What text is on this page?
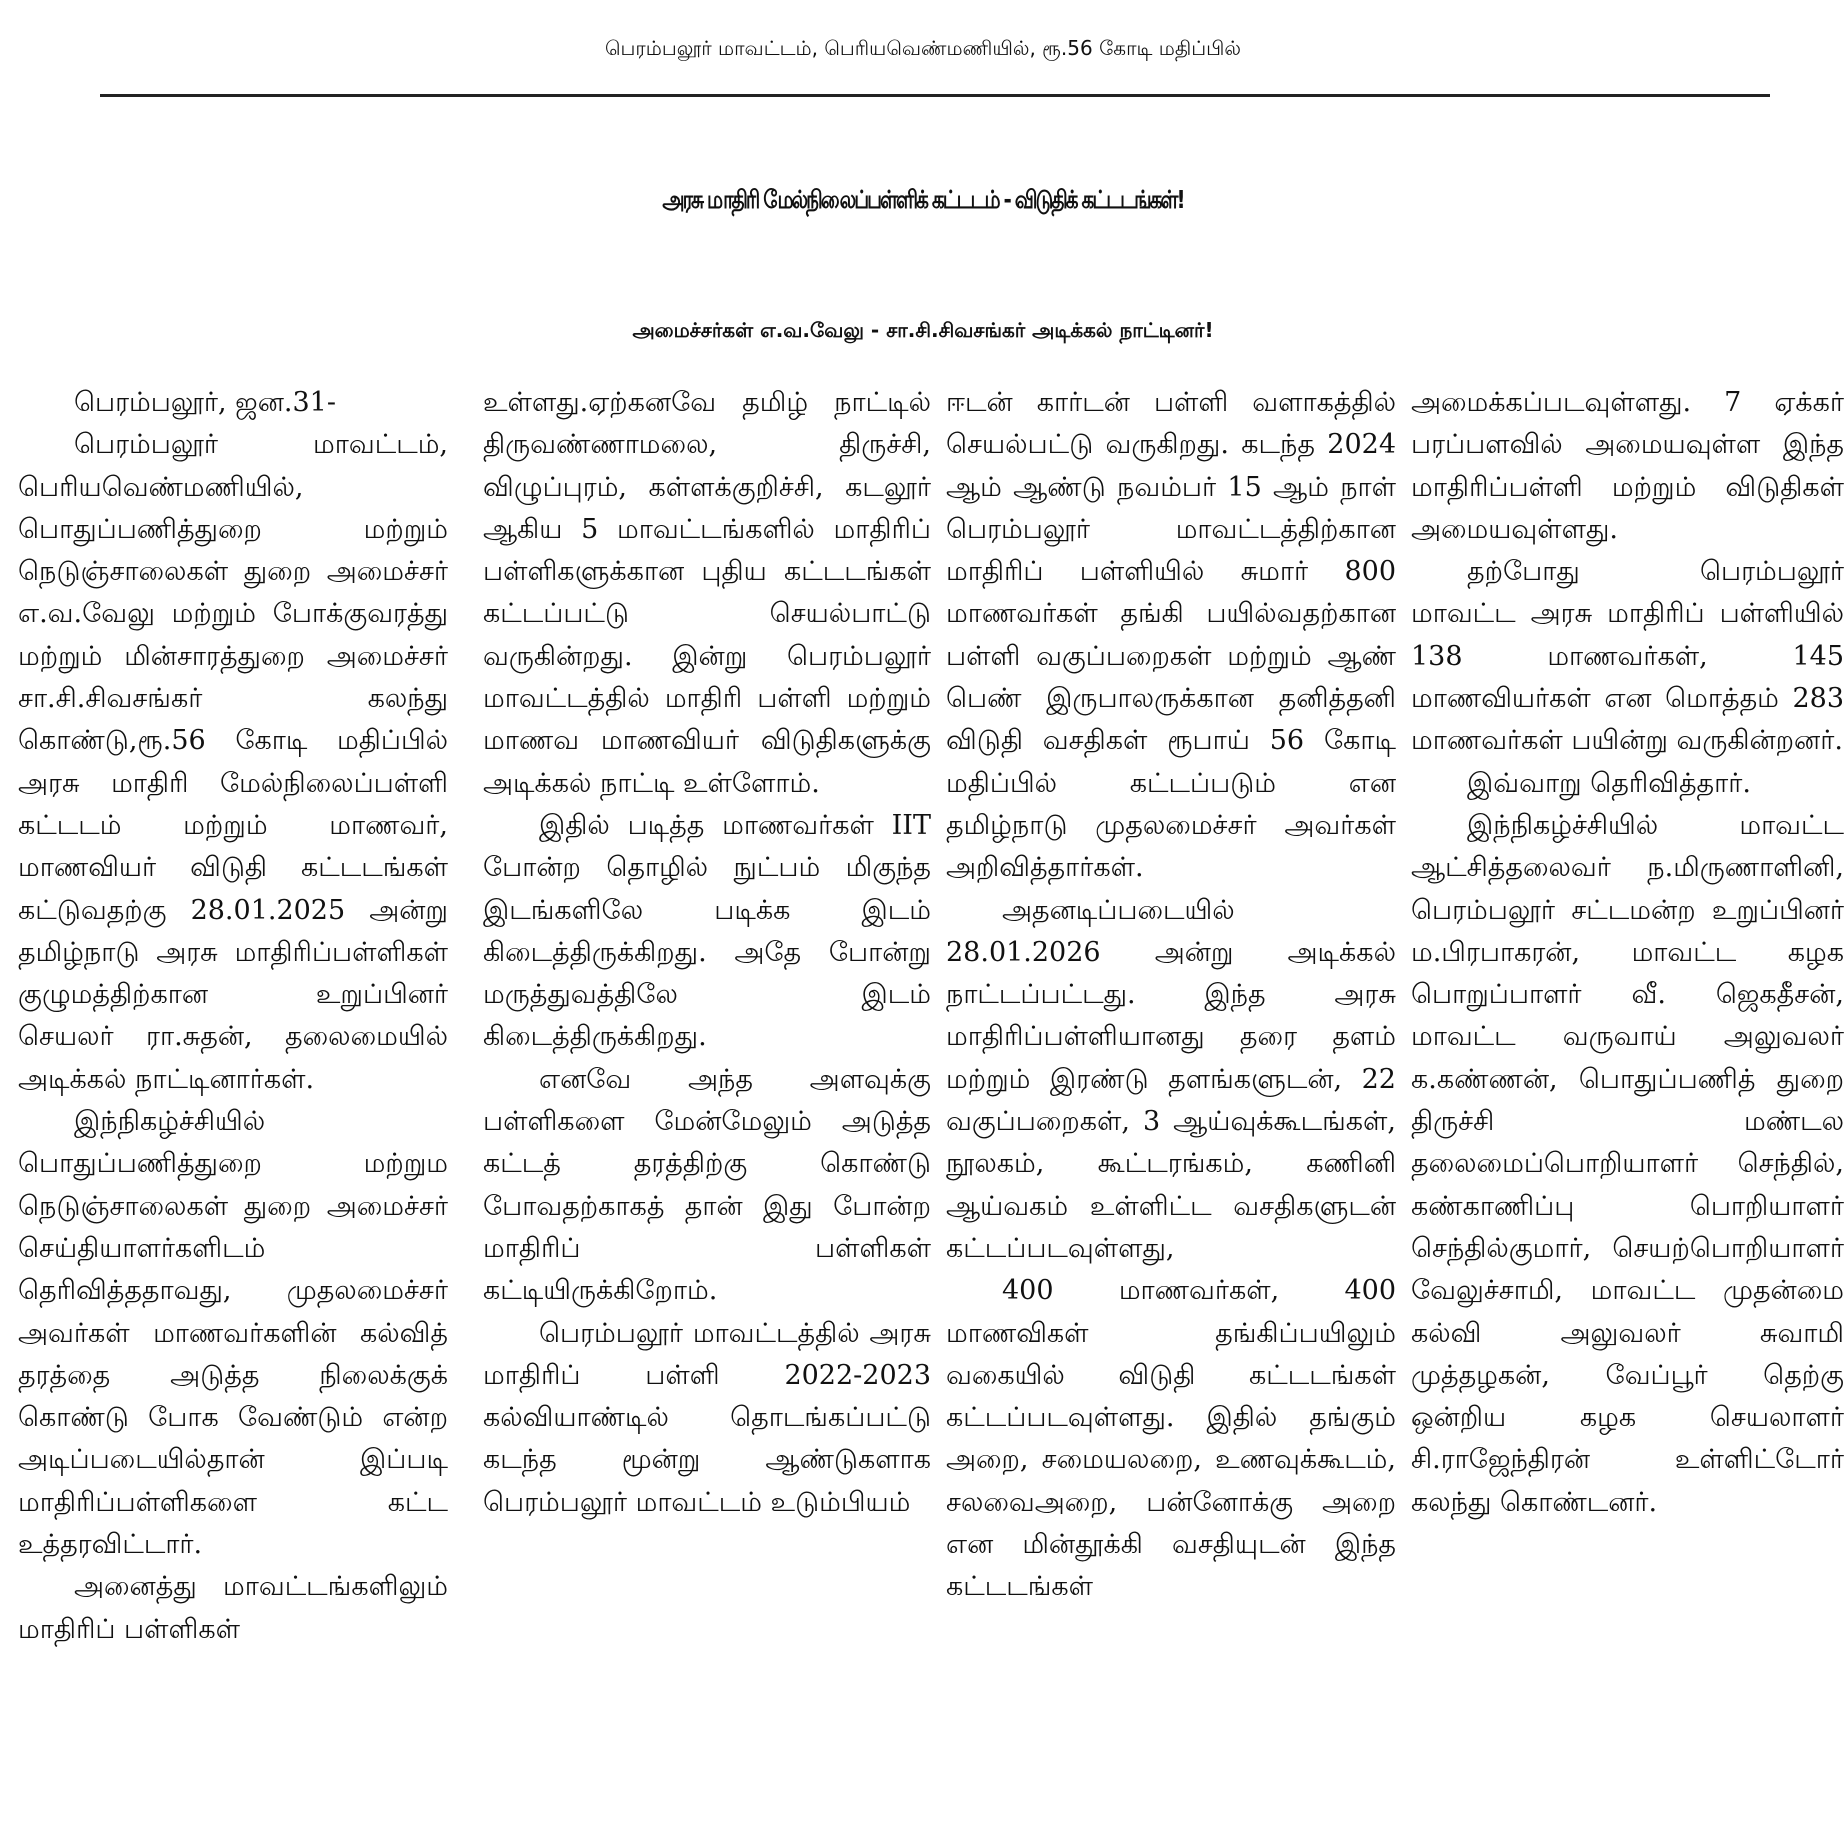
பெரம்பலூர் மாவட்டம், பெரியவெண்மணியில், ரூ.56 கோடி மதிப்பில்
அரசு மாதிரி மேல்நிலைப்பள்ளிக் கட்டடம் - விடுதிக் கட்டடங்கள்!
அமைச்சர்கள் எ.வ.வேலு - சா.சி.சிவசங்கர் அடிக்கல் நாட்டினர்!

பெரம்பலூர், ஜன.31-

பெரம்பலூர் மாவட்டம், பெரியவெண்மணியில், பொதுப்பணித்துறை மற்றும் நெடுஞ்சாலைகள் துறை அமைச்சர் எ.வ.வேலு மற்றும் போக்குவரத்து மற்றும் மின்சாரத்துறை அமைச்சர் சா.சி.சிவசங்கர் கலந்து கொண்டு,ரூ.56 கோடி மதிப்பில் அரசு மாதிரி மேல்நிலைப்பள்ளி கட்டடம் மற்றும் மாணவர், மாணவியர் விடுதி கட்டடங்கள் கட்டுவதற்கு 28.01.2025 அன்று தமிழ்நாடு அரசு மாதிரிப்பள்ளிகள் குழுமத்திற்கான உறுப்பினர் செயலர் ரா.சுதன், தலைமையில் அடிக்கல் நாட்டினார்கள்.

இந்நிகழ்ச்சியில் பொதுப்பணித்துறை மற்றும நெடுஞ்சாலைகள் துறை அமைச்சர் செய்தியாளர்களிடம் தெரிவித்ததாவது, முதலமைச்சர் அவர்கள் மாணவர்களின் கல்வித் தரத்தை அடுத்த நிலைக்குக் கொண்டு போக வேண்டும் என்ற அடிப்படையில்தான் இப்படி மாதிரிப்பள்ளிகளை கட்ட உத்தரவிட்டார்.

அனைத்து மாவட்டங்களிலும் மாதிரிப் பள்ளிகள்

உள்ளது.ஏற்கனவே தமிழ் நாட்டில் திருவண்ணாமலை, திருச்சி, விழுப்புரம், கள்ளக்குறிச்சி, கடலூர் ஆகிய 5 மாவட்டங்களில் மாதிரிப் பள்ளிகளுக்கான புதிய கட்டடங்கள் கட்டப்பட்டு செயல்பாட்டு வருகின்றது. இன்று பெரம்பலூர் மாவட்டத்தில் மாதிரி பள்ளி மற்றும் மாணவ மாணவியர் விடுதிகளுக்கு அடிக்கல் நாட்டி உள்ளோம்.

இதில் படித்த மாணவர்கள் IIT போன்ற தொழில் நுட்பம் மிகுந்த இடங்களிலே படிக்க இடம் கிடைத்திருக்கிறது. அதே போன்று மருத்துவத்திலே இடம் கிடைத்திருக்கிறது.

எனவே அந்த அளவுக்கு பள்ளிகளை மேன்மேலும் அடுத்த கட்டத் தரத்திற்கு கொண்டு போவதற்காகத் தான் இது போன்ற மாதிரிப் பள்ளிகள் கட்டியிருக்கிறோம்.

பெரம்பலூர் மாவட்டத்தில் அரசு மாதிரிப் பள்ளி 2022-2023 கல்வியாண்டில் தொடங்கப்பட்டு கடந்த மூன்று ஆண்டுகளாக பெரம்பலூர் மாவட்டம் உடும்பியம்

ஈடன் கார்டன் பள்ளி வளாகத்தில் செயல்பட்டு வருகிறது. கடந்த 2024 ஆம் ஆண்டு நவம்பர் 15 ஆம் நாள் பெரம்பலூர் மாவட்டத்திற்கான மாதிரிப் பள்ளியில் சுமார் 800 மாணவர்கள் தங்கி பயில்வதற்கான பள்ளி வகுப்பறைகள் மற்றும் ஆண் பெண் இருபாலருக்கான தனித்தனி விடுதி வசதிகள் ரூபாய் 56 கோடி மதிப்பில் கட்டப்படும் என தமிழ்நாடு முதலமைச்சர் அவர்கள் அறிவித்தார்கள்.

அதனடிப்படையில் 28.01.2026 அன்று அடிக்கல் நாட்டப்பட்டது. இந்த அரசு மாதிரிப்பள்ளியானது தரை தளம் மற்றும் இரண்டு தளங்களுடன், 22 வகுப்பறைகள், 3 ஆய்வுக்கூடங்கள், நூலகம், கூட்டரங்கம், கணினி ஆய்வகம் உள்ளிட்ட வசதிகளுடன் கட்டப்படவுள்ளது,

400 மாணவர்கள், 400 மாணவிகள் தங்கிப்பயிலும் வகையில் விடுதி கட்டடங்கள் கட்டப்படவுள்ளது. இதில் தங்கும் அறை, சமையலறை, உணவுக்கூடம், சலவைஅறை, பன்னோக்கு அறை என மின்தூக்கி வசதியுடன் இந்த கட்டடங்கள்

அமைக்கப்படவுள்ளது. 7 ஏக்கர் பரப்பளவில் அமையவுள்ள இந்த மாதிரிப்பள்ளி மற்றும் விடுதிகள் அமையவுள்ளது.

தற்போது பெரம்பலூர் மாவட்ட அரசு மாதிரிப் பள்ளியில் 138 மாணவர்கள், 145 மாணவியர்கள் என மொத்தம் 283 மாணவர்கள் பயின்று வருகின்றனர்.

இவ்வாறு தெரிவித்தார்.

இந்நிகழ்ச்சியில் மாவட்ட ஆட்சித்தலைவர் ந.மிருணாளினி, பெரம்பலூர் சட்டமன்ற உறுப்பினர் ம.பிரபாகரன், மாவட்ட கழக பொறுப்பாளர் வீ. ஜெகதீசன், மாவட்ட வருவாய் அலுவலர் க.கண்ணன், பொதுப்பணித் துறை திருச்சி மண்டல தலைமைப்பொறியாளர் செந்தில், கண்காணிப்பு பொறியாளர் செந்தில்குமார், செயற்பொறியாளர் வேலுச்சாமி, மாவட்ட முதன்மை கல்வி அலுவலர் சுவாமி முத்தழகன், வேப்பூர் தெற்கு ஒன்றிய கழக செயலாளர் சி.ராஜேந்திரன் உள்ளிட்டோர் கலந்து கொண்டனர்.
